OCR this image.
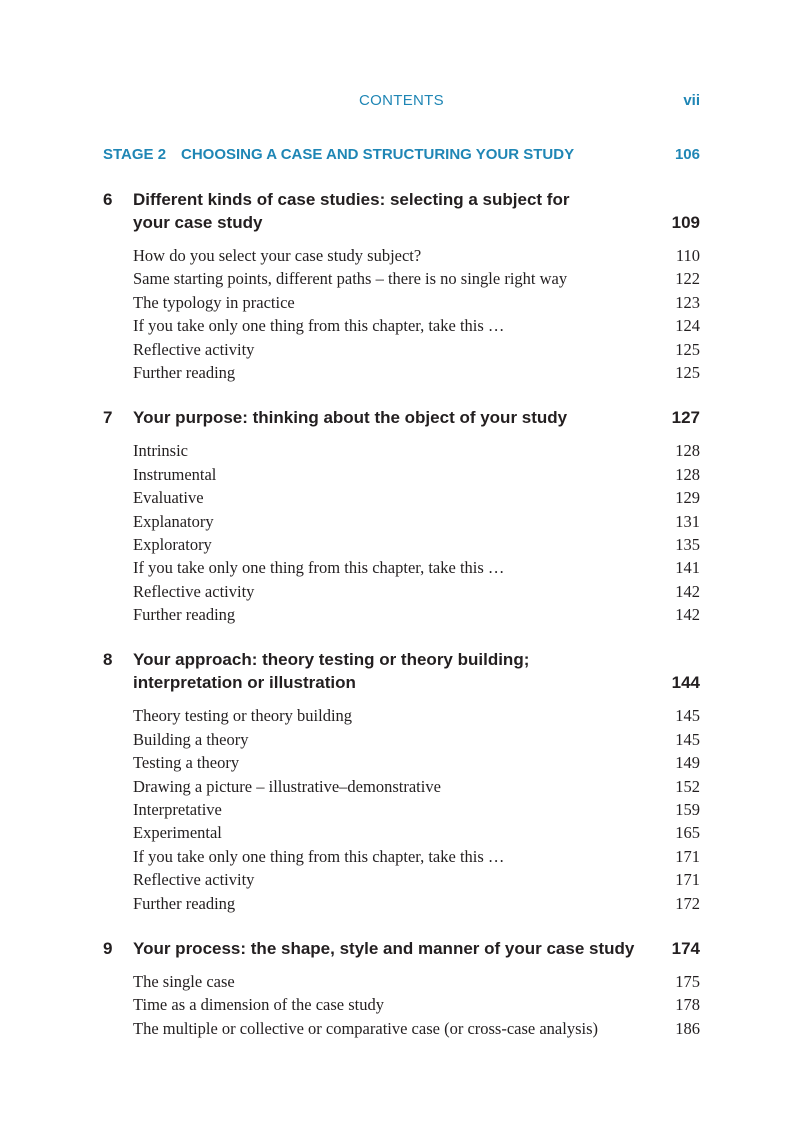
CONTENTS	vii
STAGE 2 CHOOSING A CASE AND STRUCTURING YOUR STUDY	106
6	Different kinds of case studies: selecting a subject for
your case study	109
How do you select your case study subject?	110
Same starting points, different paths – there is no single right way	122
The typology in practice	123
If you take only one thing from this chapter, take this …	124
Reflective activity	125
Further reading	125
7	Your purpose: thinking about the object of your study	127
Intrinsic	128
Instrumental	128
Evaluative	129
Explanatory	131
Exploratory	135
If you take only one thing from this chapter, take this …	141
Reflective activity	142
Further reading	142
8	Your approach: theory testing or theory building;
interpretation or illustration	144
Theory testing or theory building	145
Building a theory	145
Testing a theory	149
Drawing a picture – illustrative–demonstrative	152
Interpretative	159
Experimental	165
If you take only one thing from this chapter, take this …	171
Reflective activity	171
Further reading	172
9	Your process: the shape, style and manner of your case study	174
The single case	175
Time as a dimension of the case study	178
The multiple or collective or comparative case (or cross-case analysis)	186
